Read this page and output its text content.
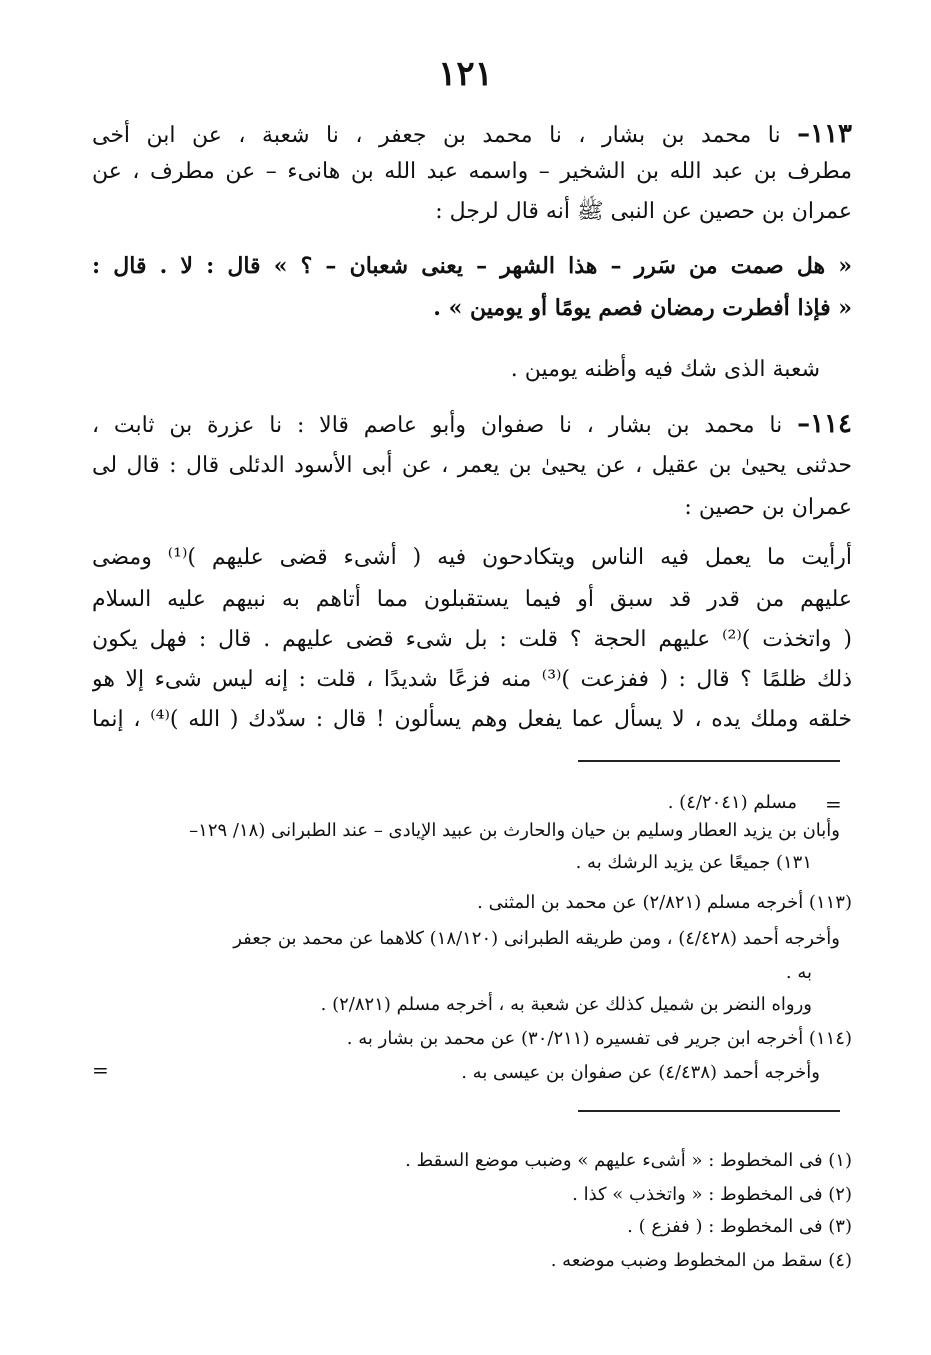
١٢١
١١٣– نا محمد بن بشار ، نا محمد بن جعفر ، نا شعبة ، عن ابن أخى
مطرف بن عبد الله بن الشخير – واسمه عبد الله بن هانىء – عن مطرف ، عن
عمران بن حصين عن النبى ﷺ أنه قال لرجل :
« هل صمت من سَرر – هذا الشهر – يعنى شعبان – ؟ » قال : لا . قال :
« فإذا أفطرت رمضان فصم يومًا أو يومين » .
شعبة الذى شك فيه وأظنه يومين .
١١٤– نا محمد بن بشار ، نا صفوان وأبو عاصم قالا : نا عزرة بن ثابت ،
حدثنى يحيىٰ بن عقيل ، عن يحيىٰ بن يعمر ، عن أبى الأسود الدئلى قال : قال لى
عمران بن حصين :
أرأيت ما يعمل فيه الناس ويتكادحون فيه ( أشىء قضى عليهم )⁽¹⁾ ومضى
عليهم من قدر قد سبق أو فيما يستقبلون مما أتاهم به نبيهم عليه السلام
( واتخذت )⁽²⁾ عليهم الحجة ؟ قلت : بل شىء قضى عليهم . قال : فهل يكون
ذلك ظلمًا ؟ قال : ( ففزعت )⁽³⁾ منه فزعًا شديدًا ، قلت : إنه ليس شىء إلا هو
خلقه وملك يده ، لا يسأل عما يفعل وهم يسألون ! قال : سدّدك ( الله )⁽⁴⁾ ، إنما
مسلم (٤/٢٠٤١) . =
وأبان بن يزيد العطار وسليم بن حيان والحارث بن عبيد الإيادى – عند الطبرانى (١٨/ ١٢٩–
١٣١) جميعًا عن يزيد الرشك به .
(١١٣) أخرجه مسلم (٢/٨٢١) عن محمد بن المثنى .
وأخرجه أحمد (٤/٤٢٨) ، ومن طريقه الطبرانى (١٨/١٢٠) كلاهما عن محمد بن جعفر
به .
ورواه النضر بن شميل كذلك عن شعبة به ، أخرجه مسلم (٢/٨٢١) .
(١١٤) أخرجه ابن جرير فى تفسيره (٣٠/٢١١) عن محمد بن بشار به .
=	وأخرجه أحمد (٤/٤٣٨) عن صفوان بن عيسى به .
(١) فى المخطوط : « أشىء عليهم » وضبب موضع السقط .
(٢) فى المخطوط : « واتخذب » كذا .
(٣) فى المخطوط : ( ففزع ) .
(٤) سقط من المخطوط وضبب موضعه .
